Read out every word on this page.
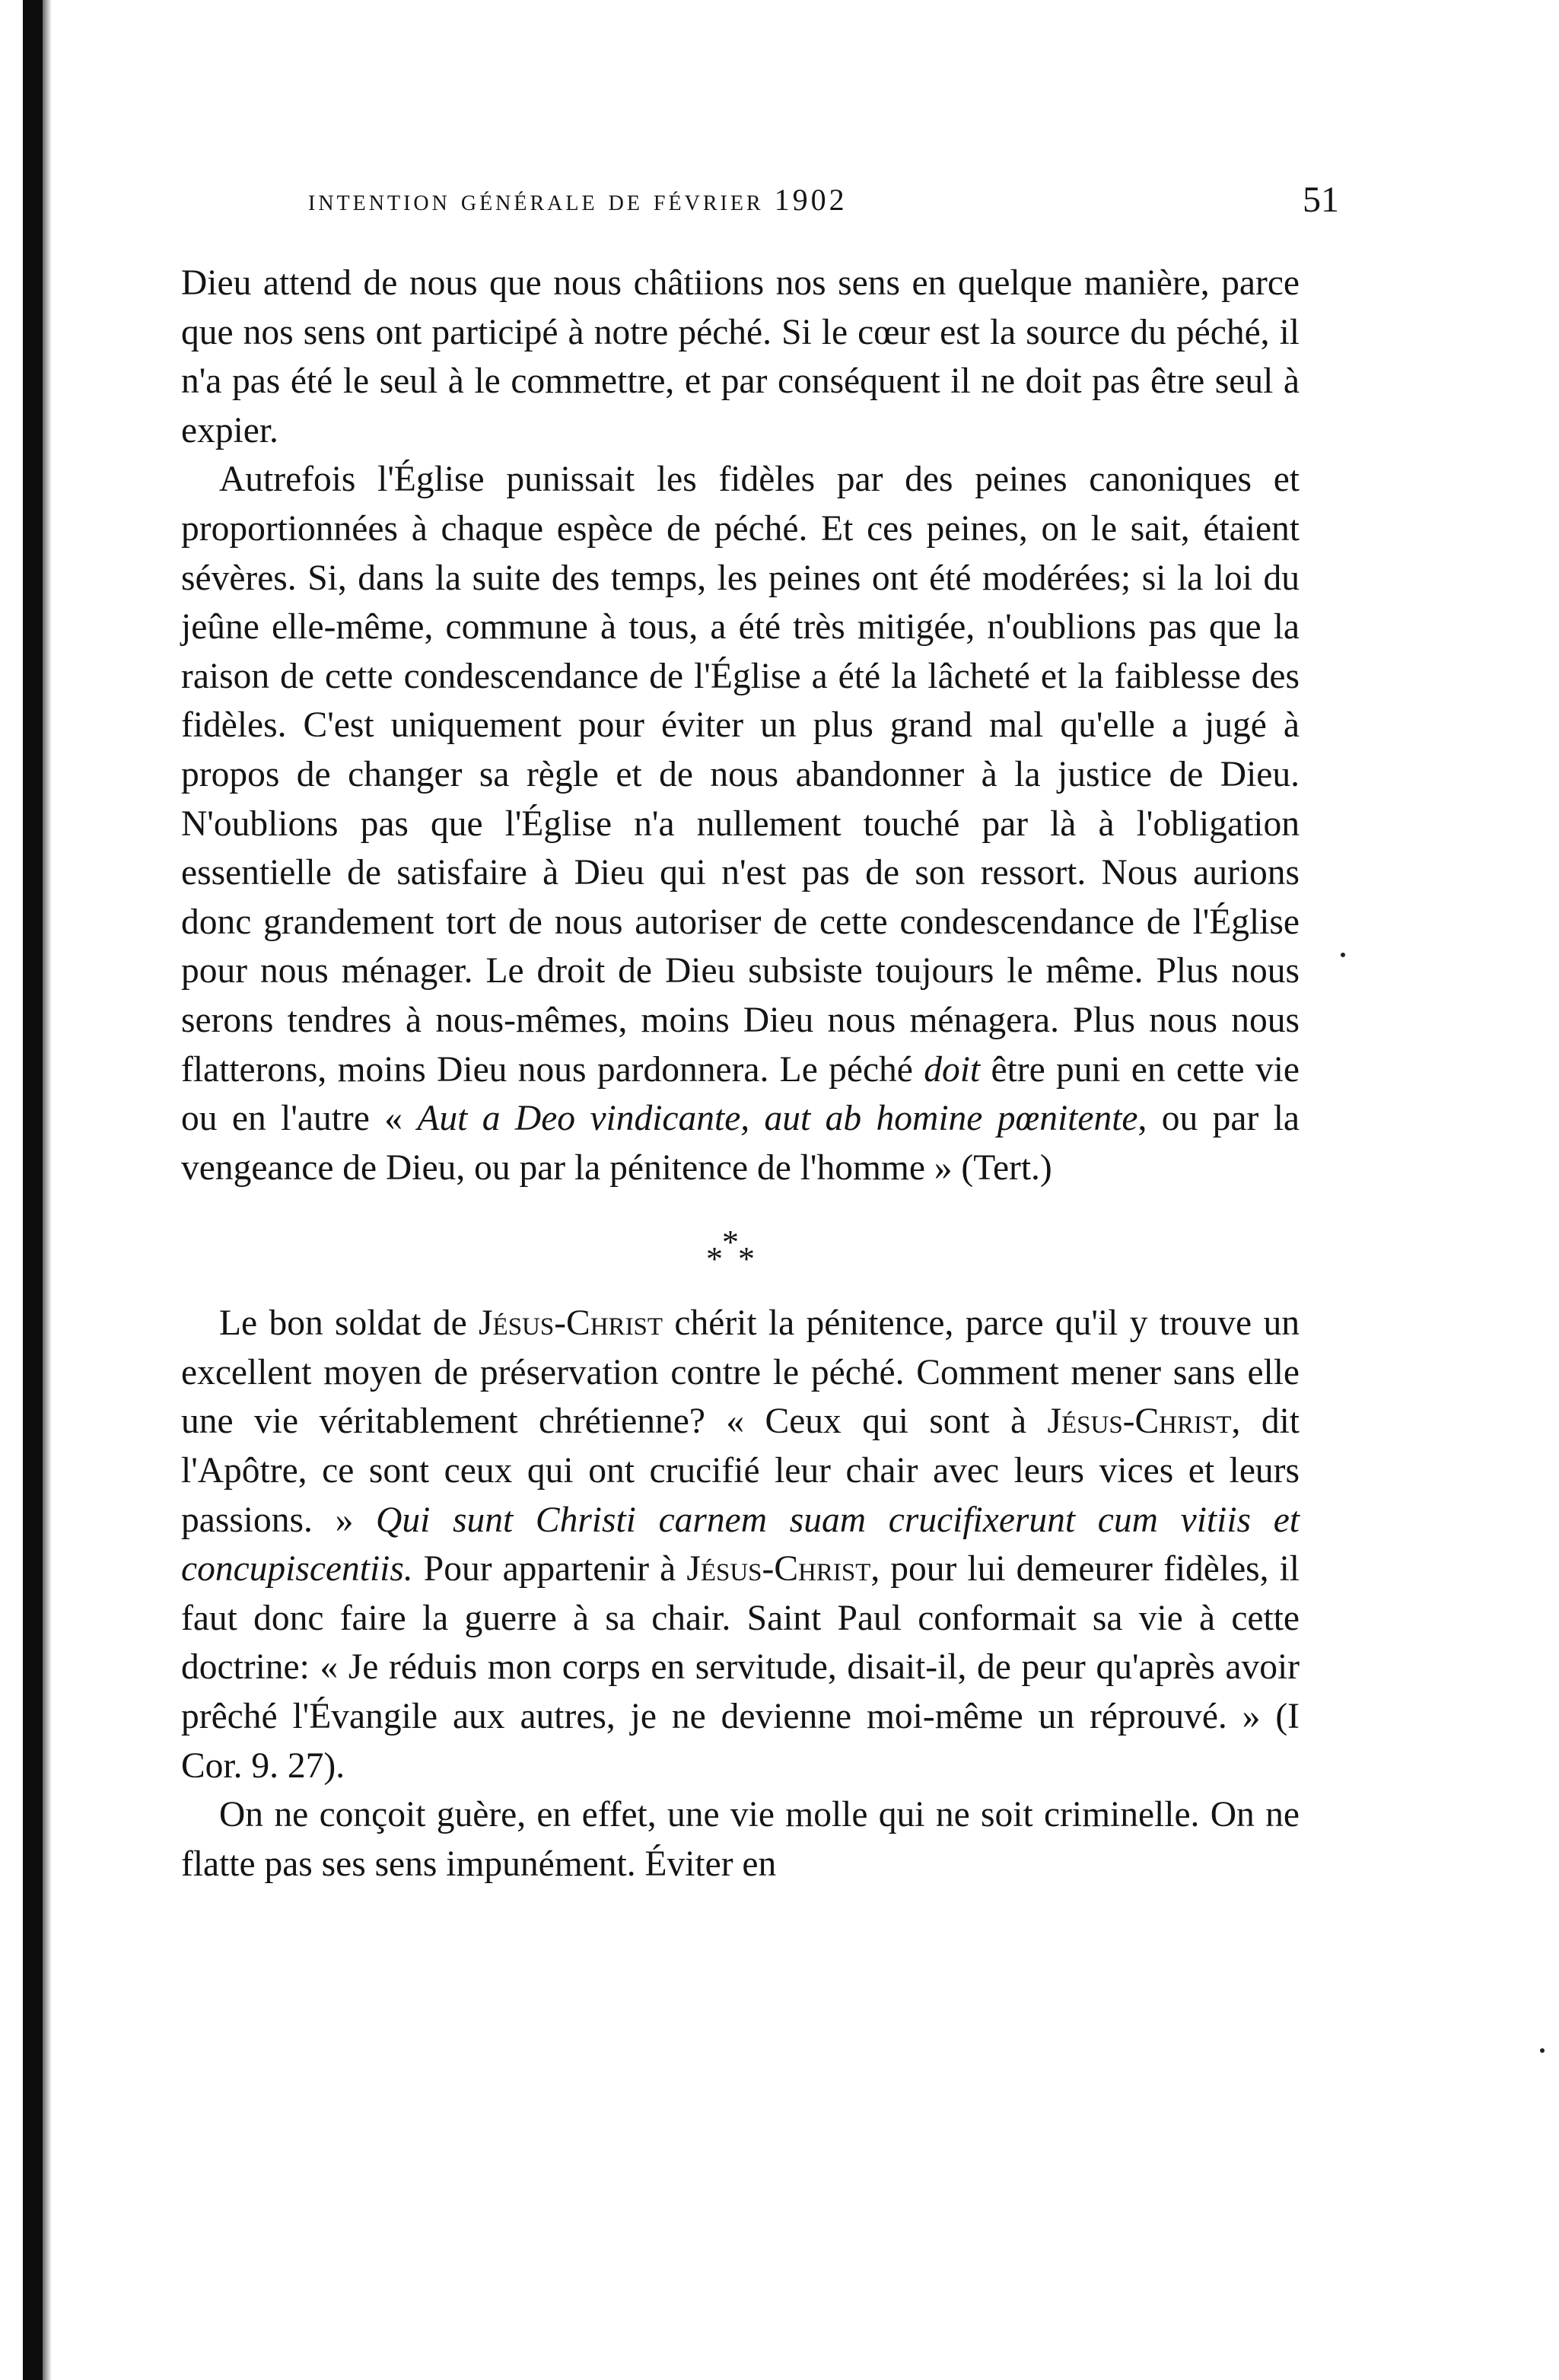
intention générale de février 1902	51

Dieu attend de nous que nous châtiions nos sens en quelque manière, parce que nos sens ont participé à notre péché. Si le cœur est la source du péché, il n'a pas été le seul à le commettre, et par conséquent il ne doit pas être seul à expier.

Autrefois l'Église punissait les fidèles par des peines canoniques et proportionnées à chaque espèce de péché. Et ces peines, on le sait, étaient sévères. Si, dans la suite des temps, les peines ont été modérées; si la loi du jeûne elle-même, commune à tous, a été très mitigée, n'oublions pas que la raison de cette condescendance de l'Église a été la lâcheté et la faiblesse des fidèles. C'est uniquement pour éviter un plus grand mal qu'elle a jugé à propos de changer sa règle et de nous abandonner à la justice de Dieu. N'oublions pas que l'Église n'a nullement touché par là à l'obligation essentielle de satisfaire à Dieu qui n'est pas de son ressort. Nous aurions donc grandement tort de nous autoriser de cette condescendance de l'Église pour nous ménager. Le droit de Dieu subsiste toujours le même. Plus nous serons tendres à nous-mêmes, moins Dieu nous ménagera. Plus nous nous flatterons, moins Dieu nous pardonnera. Le péché doit être puni en cette vie ou en l'autre « Aut a Deo vindicante, aut ab homine pœnitente, ou par la vengeance de Dieu, ou par la pénitence de l'homme » (Tert.)

*
* *

Le bon soldat de Jésus-Christ chérit la pénitence, parce qu'il y trouve un excellent moyen de préservation contre le péché. Comment mener sans elle une vie véritablement chrétienne? « Ceux qui sont à Jésus-Christ, dit l'Apôtre, ce sont ceux qui ont crucifié leur chair avec leurs vices et leurs passions. » Qui sunt Christi carnem suam crucifixerunt cum vitiis et concupiscentiis. Pour appartenir à Jésus-Christ, pour lui demeurer fidèles, il faut donc faire la guerre à sa chair. Saint Paul conformait sa vie à cette doctrine: « Je réduis mon corps en servitude, disait-il, de peur qu'après avoir prêché l'Évangile aux autres, je ne devienne moi-même un réprouvé. » (I Cor. 9. 27).

On ne conçoit guère, en effet, une vie molle qui ne soit criminelle. On ne flatte pas ses sens impunément. Éviter en
